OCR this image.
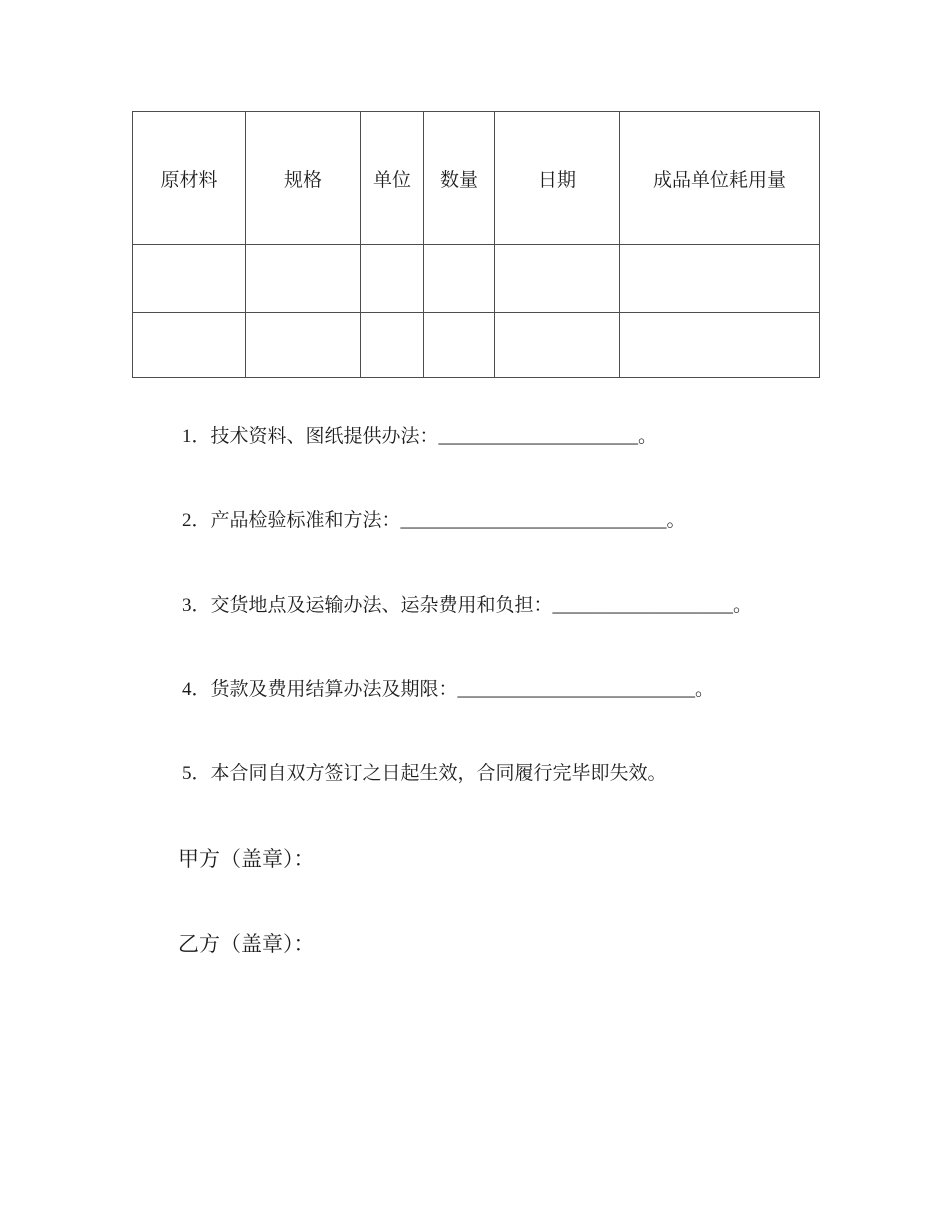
原材料	规格	单位	数量	日期	成品单位耗用量

1．技术资料、图纸提供办法：_____________________。

2．产品检验标准和方法：____________________________。

3．交货地点及运输办法、运杂费用和负担：___________________。

4．货款及费用结算办法及期限：_________________________。

5．本合同自双方签订之日起生效，合同履行完毕即失效。

甲方（盖章）：

乙方（盖章）：
